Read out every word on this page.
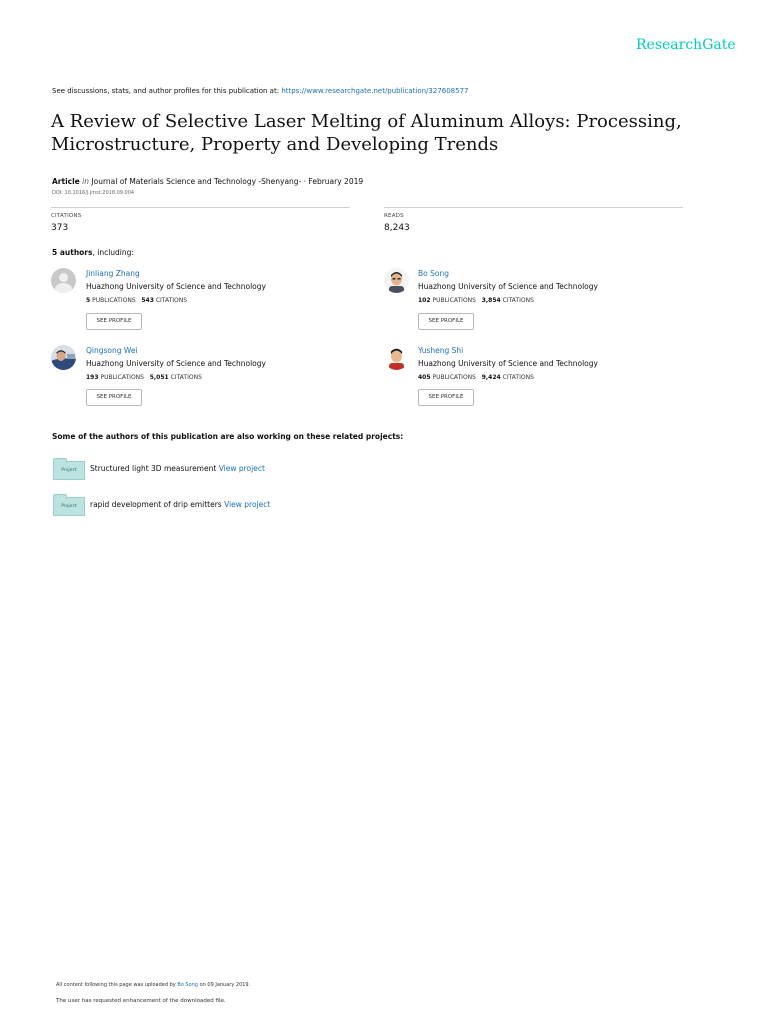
ResearchGate
See discussions, stats, and author profiles for this publication at: https://www.researchgate.net/publication/327608577
A Review of Selective Laser Melting of Aluminum Alloys: Processing,
Microstructure, Property and Developing Trends
Article in Journal of Materials Science and Technology -Shenyang- · February 2019
DOI: 10.1016/j.jmst.2018.09.004
CITATIONS
373
READS
8,243
5 authors, including:
Jinliang Zhang
Huazhong University of Science and Technology
5 PUBLICATIONS 543 CITATIONS
SEE PROFILE
Bo Song
Huazhong University of Science and Technology
102 PUBLICATIONS 3,854 CITATIONS
SEE PROFILE
Qingsong Wei
Huazhong University of Science and Technology
193 PUBLICATIONS 5,051 CITATIONS
SEE PROFILE
Yusheng Shi
Huazhong University of Science and Technology
405 PUBLICATIONS 9,424 CITATIONS
SEE PROFILE
Some of the authors of this publication are also working on these related projects:
Project	Structured light 3D measurement View project
Project	rapid development of drip emitters View project
All content following this page was uploaded by Bo Song on 09 January 2019.
The user has requested enhancement of the downloaded file.
